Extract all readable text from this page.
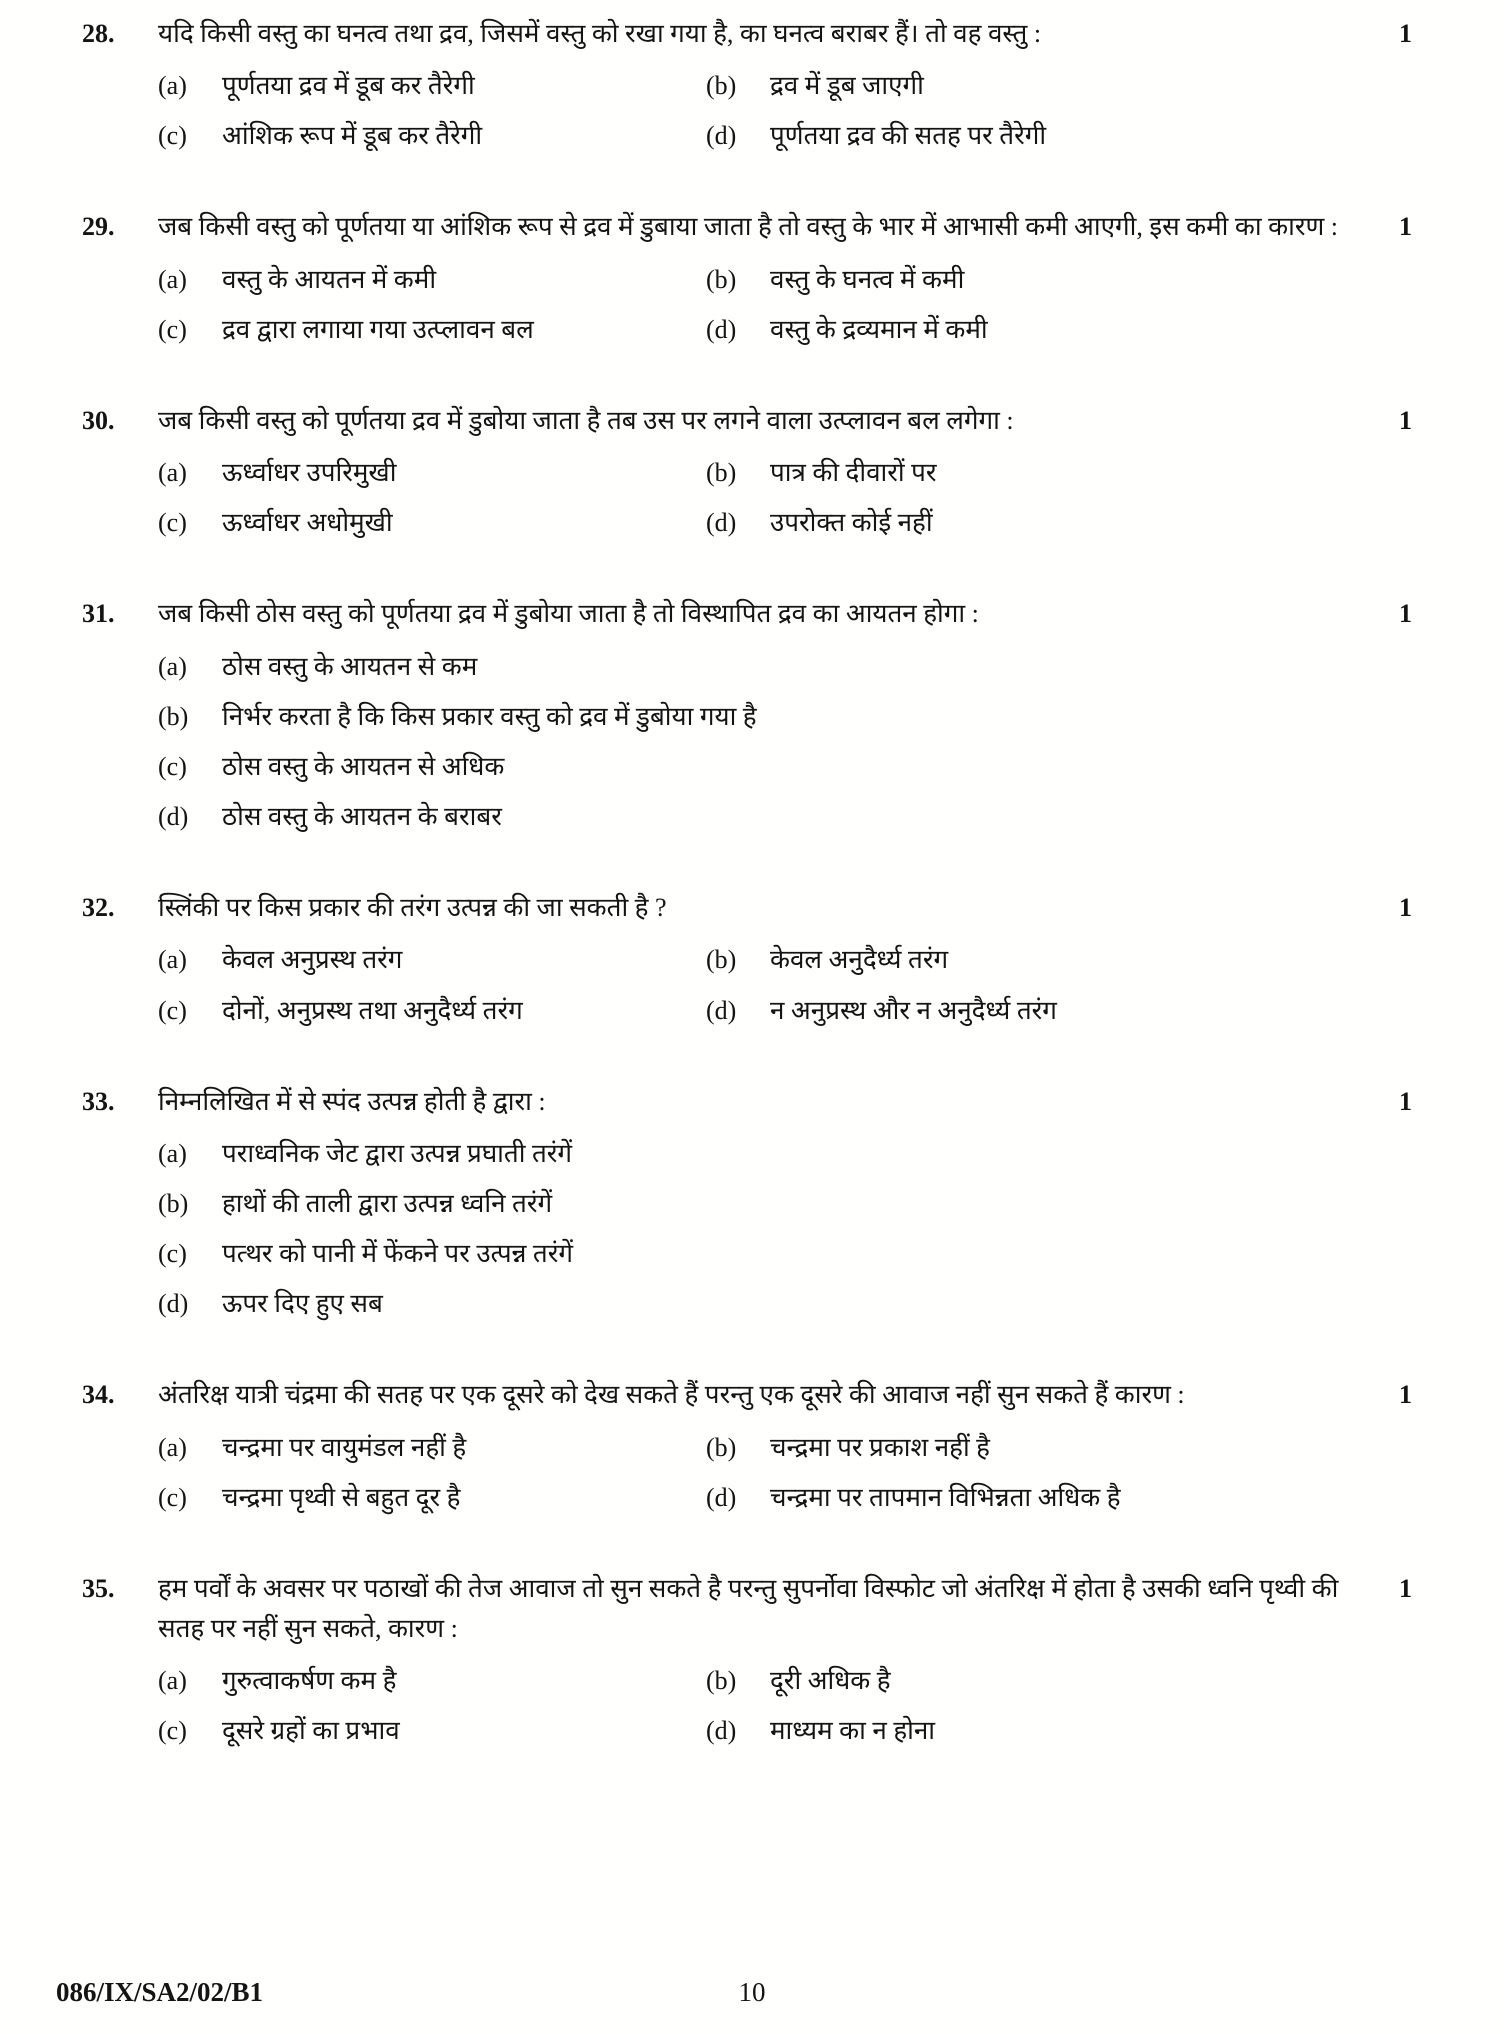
28.	यदि किसी वस्तु का घनत्व तथा द्रव, जिसमें वस्तु को रखा गया है, का घनत्व बराबर हैं। तो वह वस्तु :
(a)	पूर्णतया द्रव में डूब कर तैरेगी	(b)	द्रव में डूब जाएगी
(c)	आंशिक रूप में डूब कर तैरेगी	(d)	पूर्णतया द्रव की सतह पर तैरेगी
1
29.	जब किसी वस्तु को पूर्णतया या आंशिक रूप से द्रव में डुबाया जाता है तो वस्तु के भार में आभासी कमी आएगी, इस कमी का कारण :
(a)	वस्तु के आयतन में कमी	(b)	वस्तु के घनत्व में कमी
(c)	द्रव द्वारा लगाया गया उत्प्लावन बल	(d)	वस्तु के द्रव्यमान में कमी
1
30.	जब किसी वस्तु को पूर्णतया द्रव में डुबोया जाता है तब उस पर लगने वाला उत्प्लावन बल लगेगा :
(a)	ऊर्ध्वाधर उपरिमुखी	(b)	पात्र की दीवारों पर
(c)	ऊर्ध्वाधर अधोमुखी	(d)	उपरोक्त कोई नहीं
1
31.	जब किसी ठोस वस्तु को पूर्णतया द्रव में डुबोया जाता है तो विस्थापित द्रव का आयतन होगा :
(a)	ठोस वस्तु के आयतन से कम
(b)	निर्भर करता है कि किस प्रकार वस्तु को द्रव में डुबोया गया है
(c)	ठोस वस्तु के आयतन से अधिक
(d)	ठोस वस्तु के आयतन के बराबर
1
32.	स्लिंकी पर किस प्रकार की तरंग उत्पन्न की जा सकती है ?
(a)	केवल अनुप्रस्थ तरंग	(b)	केवल अनुदैर्ध्य तरंग
(c)	दोनों, अनुप्रस्थ तथा अनुदैर्ध्य तरंग	(d)	न अनुप्रस्थ और न अनुदैर्ध्य तरंग
1
33.	निम्नलिखित में से स्पंद उत्पन्न होती है द्वारा :
(a)	पराध्वनिक जेट द्वारा उत्पन्न प्रघाती तरंगें
(b)	हाथों की ताली द्वारा उत्पन्न ध्वनि तरंगें
(c)	पत्थर को पानी में फेंकने पर उत्पन्न तरंगें
(d)	ऊपर दिए हुए सब
1
34.	अंतरिक्ष यात्री चंद्रमा की सतह पर एक दूसरे को देख सकते हैं परन्तु एक दूसरे की आवाज नहीं सुन सकते हैं कारण :
(a)	चन्द्रमा पर वायुमंडल नहीं है	(b)	चन्द्रमा पर प्रकाश नहीं है
(c)	चन्द्रमा पृथ्वी से बहुत दूर है	(d)	चन्द्रमा पर तापमान विभिन्नता अधिक है
1
35.	हम पर्वों के अवसर पर पठाखों की तेज आवाज तो सुन सकते है परन्तु सुपर्नोवा विस्फोट जो अंतरिक्ष में होता है उसकी ध्वनि पृथ्वी की सतह पर नहीं सुन सकते, कारण :
(a)	गुरुत्वाकर्षण कम है	(b)	दूरी अधिक है
(c)	दूसरे ग्रहों का प्रभाव	(d)	माध्यम का न होना
1
086/IX/SA2/02/B1	10
